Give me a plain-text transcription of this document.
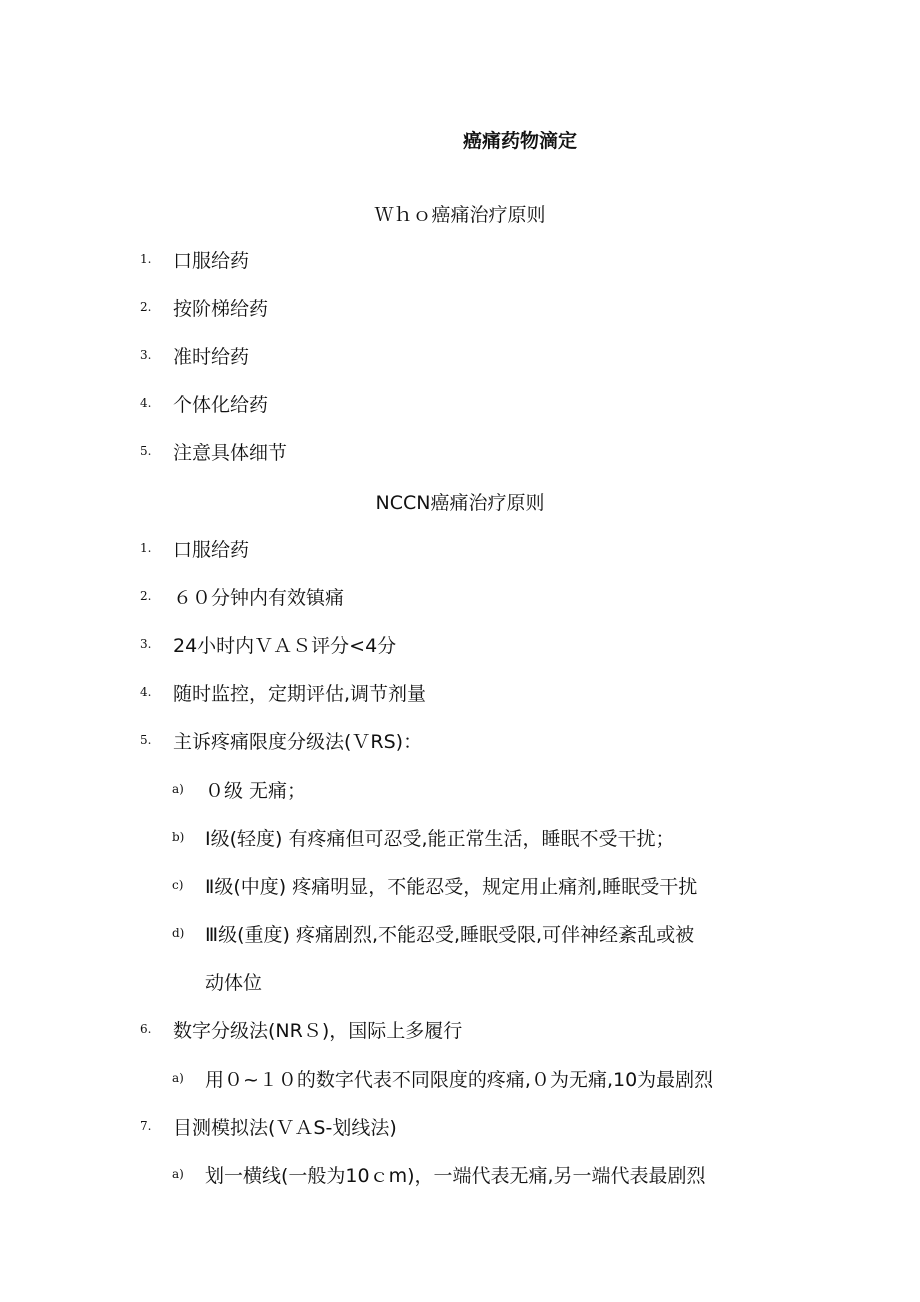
癌痛药物滴定
Ｗｈｏ癌痛治疗原则
1.	口服给药
2.	按阶梯给药
3.	准时给药
4.	个体化给药
5.	注意具体细节
NCCN癌痛治疗原则
1.	口服给药
2.	６０分钟内有效镇痛
3.	24小时内ＶＡＳ评分<4分
4.	随时监控，定期评估,调节剂量
5.	主诉疼痛限度分级法(ＶRS)：
a)	０级 无痛；
b)	Ⅰ级(轻度) 有疼痛但可忍受,能正常生活，睡眠不受干扰；
c)	Ⅱ级(中度) 疼痛明显，不能忍受，规定用止痛剂,睡眠受干扰
d)	Ⅲ级(重度) 疼痛剧烈,不能忍受,睡眠受限,可伴神经紊乱或被
动体位
6.	数字分级法(NRＳ)，国际上多履行
a)	用０~１０的数字代表不同限度的疼痛,０为无痛,10为最剧烈
7.	目测模拟法(ＶＡS-划线法)
a)	划一横线(一般为10ｃm)，一端代表无痛,另一端代表最剧烈
